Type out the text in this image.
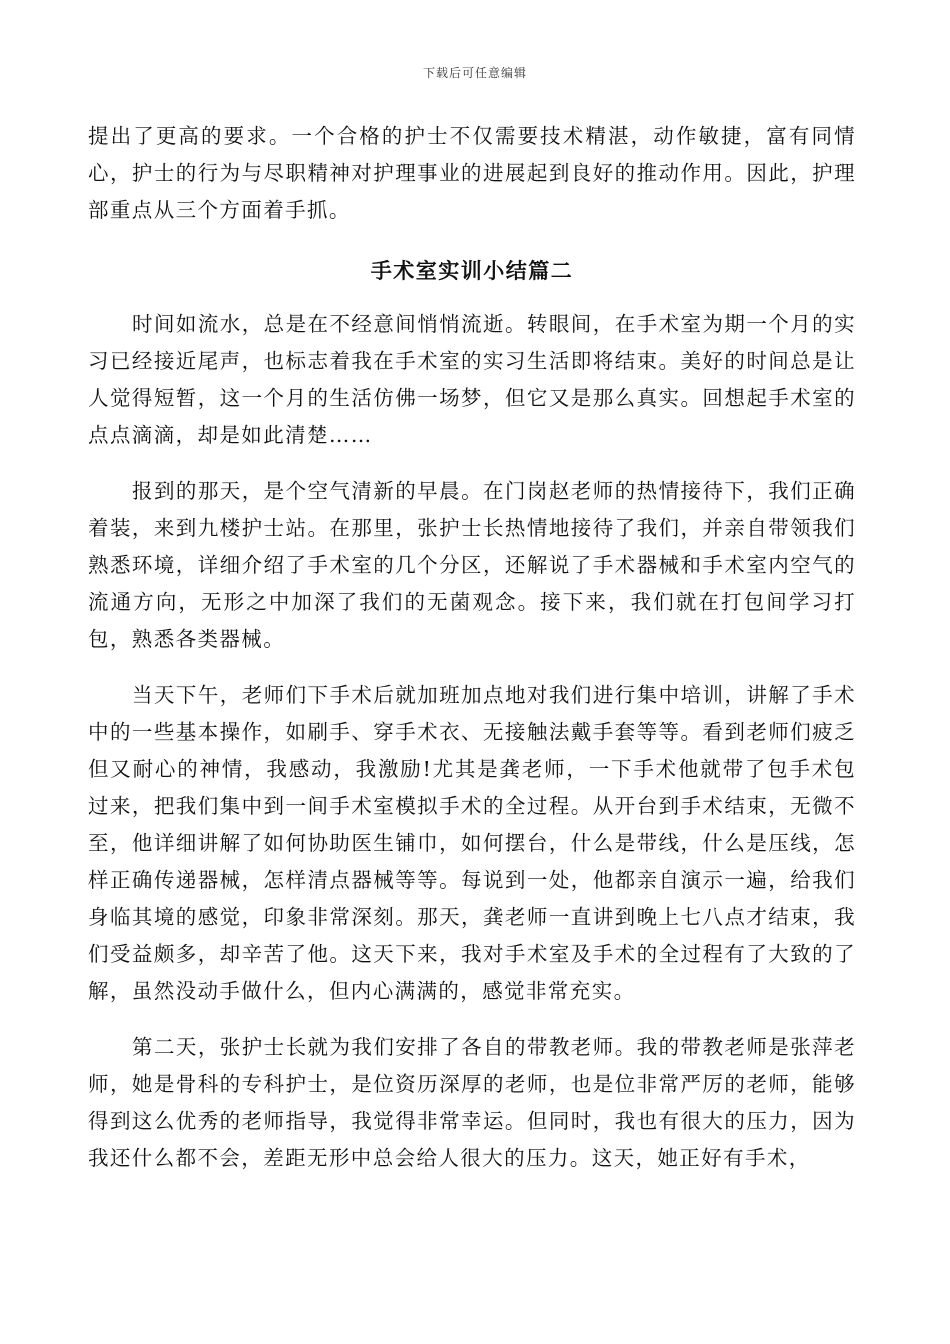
下载后可任意编辑

提出了更高的要求。一个合格的护士不仅需要技术精湛，动作敏捷，富有同情心，护士的行为与尽职精神对护理事业的进展起到良好的推动作用。因此，护理部重点从三个方面着手抓。

手术室实训小结篇二

时间如流水，总是在不经意间悄悄流逝。转眼间，在手术室为期一个月的实习已经接近尾声，也标志着我在手术室的实习生活即将结束。美好的时间总是让人觉得短暂，这一个月的生活仿佛一场梦，但它又是那么真实。回想起手术室的点点滴滴，却是如此清楚……

报到的那天，是个空气清新的早晨。在门岗赵老师的热情接待下，我们正确着装，来到九楼护士站。在那里，张护士长热情地接待了我们，并亲自带领我们熟悉环境，详细介绍了手术室的几个分区，还解说了手术器械和手术室内空气的流通方向，无形之中加深了我们的无菌观念。接下来，我们就在打包间学习打包，熟悉各类器械。

当天下午，老师们下手术后就加班加点地对我们进行集中培训，讲解了手术中的一些基本操作，如刷手、穿手术衣、无接触法戴手套等等。看到老师们疲乏但又耐心的神情，我感动，我激励!尤其是龚老师，一下手术他就带了包手术包过来，把我们集中到一间手术室模拟手术的全过程。从开台到手术结束，无微不至，他详细讲解了如何协助医生铺巾，如何摆台，什么是带线，什么是压线，怎样正确传递器械，怎样清点器械等等。每说到一处，他都亲自演示一遍，给我们身临其境的感觉，印象非常深刻。那天，龚老师一直讲到晚上七八点才结束，我们受益颇多，却辛苦了他。这天下来，我对手术室及手术的全过程有了大致的了解，虽然没动手做什么，但内心满满的，感觉非常充实。

第二天，张护士长就为我们安排了各自的带教老师。我的带教老师是张萍老师，她是骨科的专科护士，是位资历深厚的老师，也是位非常严厉的老师，能够得到这么优秀的老师指导，我觉得非常幸运。但同时，我也有很大的压力，因为我还什么都不会，差距无形中总会给人很大的压力。这天，她正好有手术，
